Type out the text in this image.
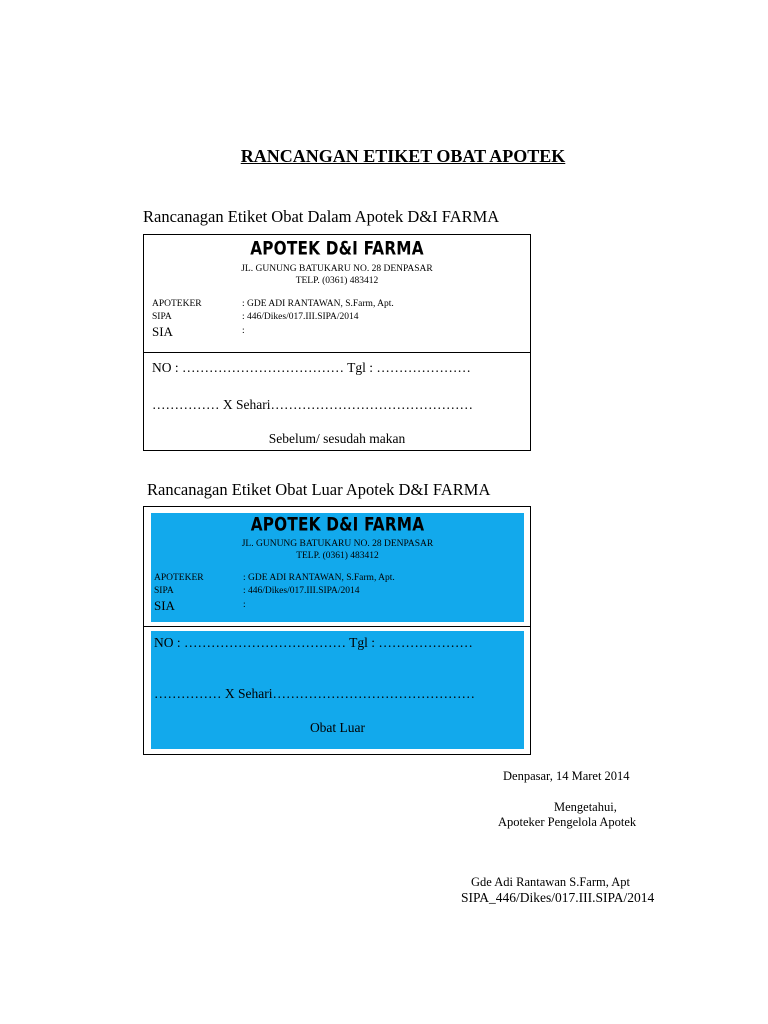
RANCANGAN ETIKET OBAT APOTEK
Rancanagan Etiket Obat Dalam Apotek D&I FARMA
APOTEK D&I FARMA
JL. GUNUNG BATUKARU NO. 28 DENPASAR
TELP. (0361) 483412
APOTEKER	: GDE ADI RANTAWAN, S.Farm, Apt.
SIPA	: 446/Dikes/017.III.SIPA/2014
SIA	:
NO : ……………………………… Tgl : …………………
…………… X Sehari………………………………………
Sebelum/ sesudah makan
Rancanagan Etiket Obat Luar Apotek D&I FARMA
APOTEK D&I FARMA
JL. GUNUNG BATUKARU NO. 28 DENPASAR
TELP. (0361) 483412
APOTEKER	: GDE ADI RANTAWAN, S.Farm, Apt.
SIPA	: 446/Dikes/017.III.SIPA/2014
SIA	:
NO : ……………………………… Tgl : …………………
…………… X Sehari………………………………………
Obat Luar
Denpasar, 14 Maret 2014
Mengetahui,
Apoteker Pengelola Apotek
Gde Adi Rantawan S.Farm, Apt
SIPA_446/Dikes/017.III.SIPA/2014
